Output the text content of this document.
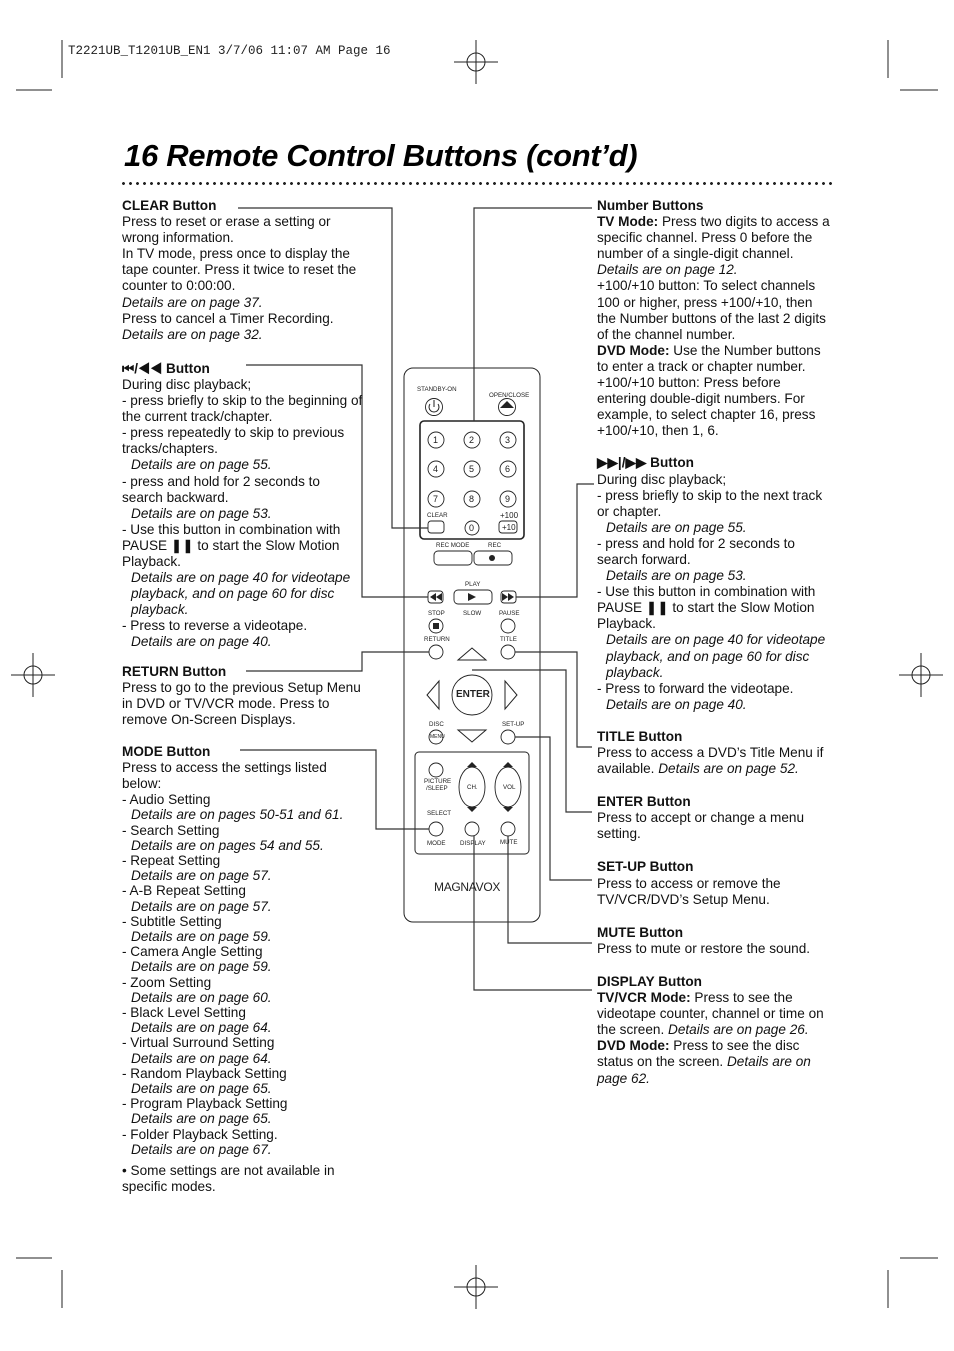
T2221UB_T1201UB_EN1 3/7/06 11:07 AM Page 16
16 Remote Control Buttons (cont’d)
STANDBY-ON
OPEN/CLOSE
1	2	3
4	5	6
7	8	9
0
CLEAR	+100
+10
REC MODE	REC
PLAY
STOP	SLOW	PAUSE
RETURN	TITLE
ENTER
DISC
MENU
SET-UP
PICTURE
/SLEEP	CH.	VOL
SELECT
MODE DISPLAY MUTE
MAGNAVOX

CLEAR Button

Press to reset or erase a setting or wrong information.

In TV mode, press once to display the tape counter. Press it twice to reset the counter to 0:00:00.

Details are on page 37.

Press to cancel a Timer Recording.

Details are on page 32.

⏮/◀◀ Button

During disc playback;

- press briefly to skip to the beginning of the current track/chapter.

- press repeatedly to skip to previous tracks/chapters.

Details are on page 55.

- press and hold for 2 seconds to search backward.

Details are on page 53.

- Use this button in combination with PAUSE ❚❚ to start the Slow Motion Playback.

Details are on page 40 for videotape playback, and on page 60 for disc playback.

- Press to reverse a videotape.

Details are on page 40.

RETURN Button

Press to go to the previous Setup Menu in DVD or TV/VCR mode. Press to remove On-Screen Displays.

MODE Button

Press to access the settings listed below:

- Audio Setting

Details are on pages 50-51 and 61.

- Search Setting

Details are on pages 54 and 55.

- Repeat Setting

Details are on page 57.

- A-B Repeat Setting

Details are on page 57.

- Subtitle Setting

Details are on page 59.

- Camera Angle Setting

Details are on page 59.

- Zoom Setting

Details are on page 60.

- Black Level Setting

Details are on page 64.

- Virtual Surround Setting

Details are on page 64.

- Random Playback Setting

Details are on page 65.

- Program Playback Setting

Details are on page 65.

- Folder Playback Setting.

Details are on page 67.

• Some settings are not available in specific modes.

Number Buttons

TV Mode: Press two digits to access a specific channel. Press 0 before the number of a single-digit channel.

Details are on page 12.

+100/+10 button: To select channels 100 or higher, press +100/+10, then the Number buttons of the last 2 digits of the channel number.

DVD Mode: Use the Number buttons to enter a track or chapter number.

+100/+10 button: Press before entering double-digit numbers. For example, to select chapter 16, press +100/+10, then 1, 6.

▶▶|/▶▶ Button

During disc playback;

- press briefly to skip to the next track or chapter.

Details are on page 55.

- press and hold for 2 seconds to search forward.

Details are on page 53.

- Use this button in combination with PAUSE ❚❚ to start the Slow Motion Playback.

Details are on page 40 for videotape playback, and on page 60 for disc playback.

- Press to forward the videotape.

Details are on page 40.

TITLE Button

Press to access a DVD’s Title Menu if available. Details are on page 52.

ENTER Button

Press to accept or change a menu setting.

SET-UP Button

Press to access or remove the TV/VCR/DVD’s Setup Menu.

MUTE Button

Press to mute or restore the sound.

DISPLAY Button

TV/VCR Mode: Press to see the videotape counter, channel or time on the screen. Details are on page 26.

DVD Mode: Press to see the disc status on the screen. Details are on page 62.
